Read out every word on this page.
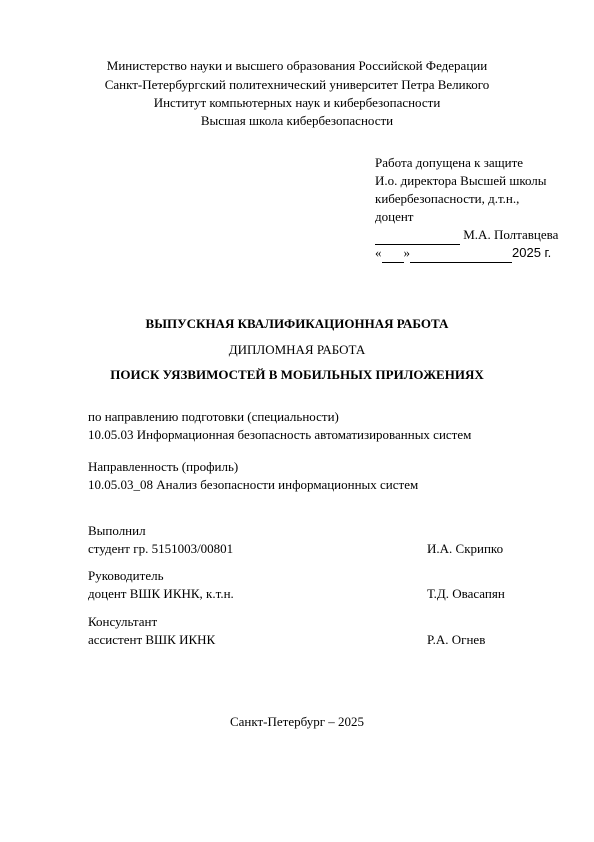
Министерство науки и высшего образования Российской Федерации
Санкт-Петербургский политехнический университет Петра Великого
Институт компьютерных наук и кибербезопасности
Высшая школа кибербезопасности
Работа допущена к защите
И.о. директора Высшей школы
кибербезопасности, д.т.н.,
доцент
М.А. Полтавцева
« »	2025 г.
ВЫПУСКНАЯ КВАЛИФИКАЦИОННАЯ РАБОТА
ДИПЛОМНАЯ РАБОТА
ПОИСК УЯЗВИМОСТЕЙ В МОБИЛЬНЫХ ПРИЛОЖЕНИЯХ
по направлению подготовки (специальности)
10.05.03 Информационная безопасность автоматизированных систем
Направленность (профиль)
10.05.03_08 Анализ безопасности информационных систем
Выполнил
студент гр. 5151003/00801	И.А. Скрипко
Руководитель
доцент ВШК ИКНК, к.т.н.	Т.Д. Овасапян
Консультант
ассистент ВШК ИКНК	Р.А. Огнев
Санкт-Петербург – 2025
